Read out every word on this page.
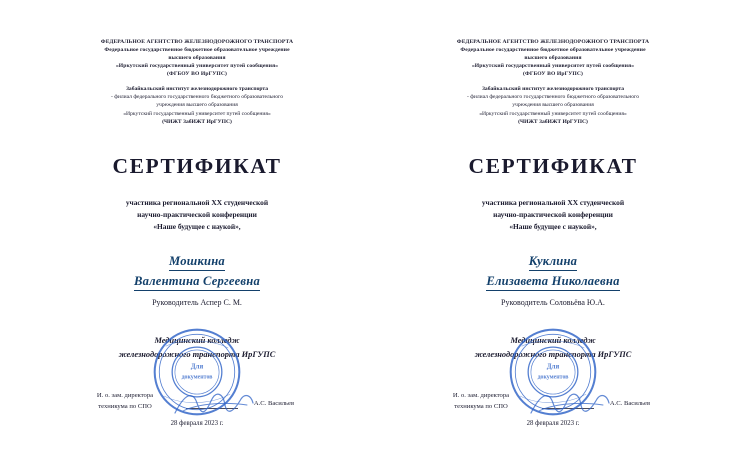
ФЕДЕРАЛЬНОЕ АГЕНТСТВО ЖЕЛЕЗНОДОРОЖНОГО ТРАНСПОРТА
Федеральное государственное бюджетное образовательное учреждение
высшего образования
«Иркутский государственный университет путей сообщения»
(ФГБОУ ВО ИрГУПС)
Забайкальский институт железнодорожного транспорта
- филиал федерального государственного бюджетного образовательного
учреждения высшего образования
«Иркутский государственный университет путей сообщения»
(ЧИЖТ ЗабИЖТ ИрГУПС)
СЕРТИФИКАТ
участника региональной XX студенческой
научно-практической конференции
«Наше будущее с наукой»,
Мошкина
Валентина Сергеевна
Руководитель Аспер С. М.
Медицинский колледж
железнодорожного транспорта ИрГУПС
И. о. зам. директора
техникума по СПО	А.С. Васильев
Для
документов
28 февраля 2023 г.
ФЕДЕРАЛЬНОЕ АГЕНТСТВО ЖЕЛЕЗНОДОРОЖНОГО ТРАНСПОРТА
Федеральное государственное бюджетное образовательное учреждение
высшего образования
«Иркутский государственный университет путей сообщения»
(ФГБОУ ВО ИрГУПС)
Забайкальский институт железнодорожного транспорта
- филиал федерального государственного бюджетного образовательного
учреждения высшего образования
«Иркутский государственный университет путей сообщения»
(ЧИЖТ ЗабИЖТ ИрГУПС)
СЕРТИФИКАТ
участника региональной XX студенческой
научно-практической конференции
«Наше будущее с наукой»,
Куклина
Елизавета Николаевна
Руководитель Соловьёва Ю.А.
Медицинский колледж
железнодорожного транспорта ИрГУПС
И. о. зам. директора
техникума по СПО	А.С. Васильев
Для
документов
28 февраля 2023 г.
